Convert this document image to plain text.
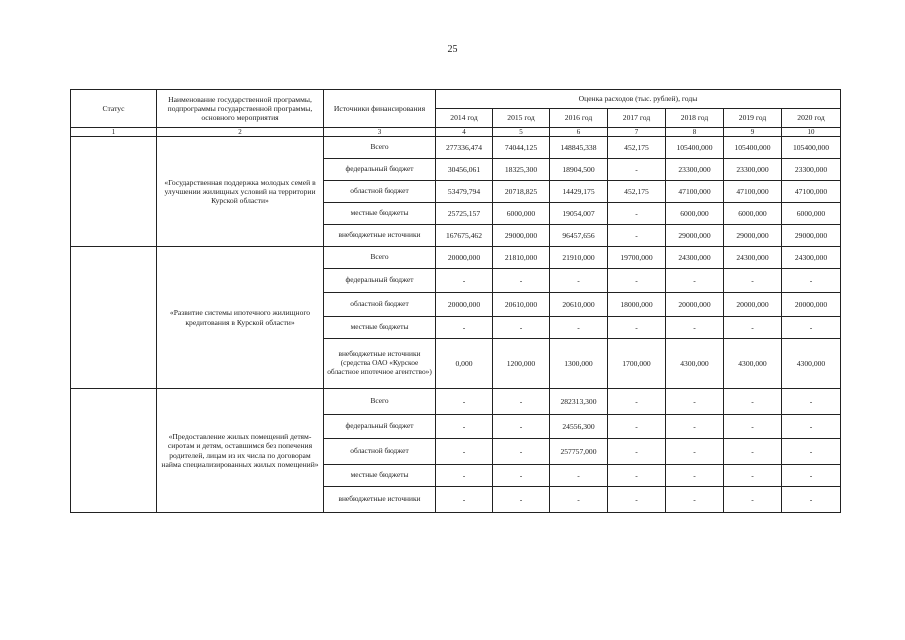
25
Статус	Наименование государственной программы, подпрограммы государственной программы, основного мероприятия	Источники финансирования	Оценка расходов (тыс. рублей), годы						
			2014 год	2015 год	2016 год	2017 год	2018 год	2019 год	2020 год
1	2	3	4	5	6	7	8	9	10
	«Государственная поддержка молодых семей в улучшении жилищных условий на территории Курской области»	Всего	277336,474	74044,125	148845,338	452,175	105400,000	105400,000	105400,000
		федеральный бюджет	30456,061	18325,300	18904,500	-	23300,000	23300,000	23300,000
		областной бюджет	53479,794	20718,825	14429,175	452,175	47100,000	47100,000	47100,000
		местные бюджеты	25725,157	6000,000	19054,007	-	6000,000	6000,000	6000,000
		внебюджетные источники	167675,462	29000,000	96457,656	-	29000,000	29000,000	29000,000
	«Развитие системы ипотечного жилищного кредитования в Курской области»	Всего	20000,000	21810,000	21910,000	19700,000	24300,000	24300,000	24300,000
		федеральный бюджет	-	-	-	-	-	-	-
		областной бюджет	20000,000	20610,000	20610,000	18000,000	20000,000	20000,000	20000,000
		местные бюджеты	-	-	-	-	-	-	-
		внебюджетные источники (средства ОАО «Курское областное ипотечное агентство»)	0,000	1200,000	1300,000	1700,000	4300,000	4300,000	4300,000
	«Предоставление жилых помещений детям-сиротам и детям, оставшимся без попечения родителей, лицам из их числа по договорам найма специализированных жилых помещений»	Всего	-	-	282313,300	-	-	-	-
		федеральный бюджет	-	-	24556,300	-	-	-	-
		областной бюджет	-	-	257757,000	-	-	-	-
		местные бюджеты	-	-	-	-	-	-	-
		внебюджетные источники	-	-	-	-	-	-	-
